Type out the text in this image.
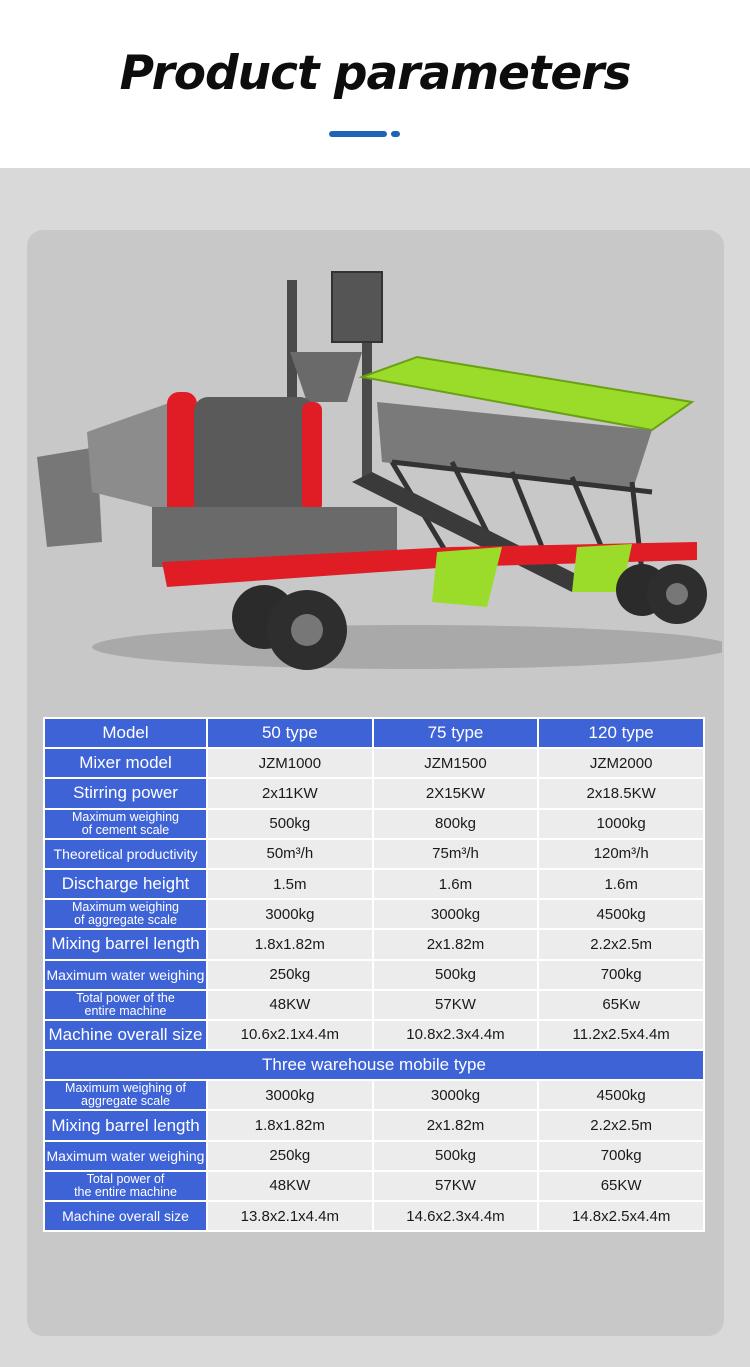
Product parameters
Model	50 type	75 type	120 type
Mixer model	JZM1000	JZM1500	JZM2000
Stirring power	2x11KW	2X15KW	2x18.5KW
Maximum weighing
of cement scale	500kg	800kg	1000kg
Theoretical productivity	50m³/h	75m³/h	120m³/h
Discharge height	1.5m	1.6m	1.6m
Maximum weighing
of aggregate scale	3000kg	3000kg	4500kg
Mixing barrel length	1.8x1.82m	2x1.82m	2.2x2.5m
Maximum water weighing	250kg	500kg	700kg
Total power of the
entire machine	48KW	57KW	65Kw
Machine overall size	10.6x2.1x4.4m	10.8x2.3x4.4m	11.2x2.5x4.4m
Three warehouse mobile type			
Maximum weighing of
aggregate scale	3000kg	3000kg	4500kg
Mixing barrel length	1.8x1.82m	2x1.82m	2.2x2.5m
Maximum water weighing	250kg	500kg	700kg
Total power of
the entire machine	48KW	57KW	65KW
Machine overall size	13.8x2.1x4.4m	14.6x2.3x4.4m	14.8x2.5x4.4m
